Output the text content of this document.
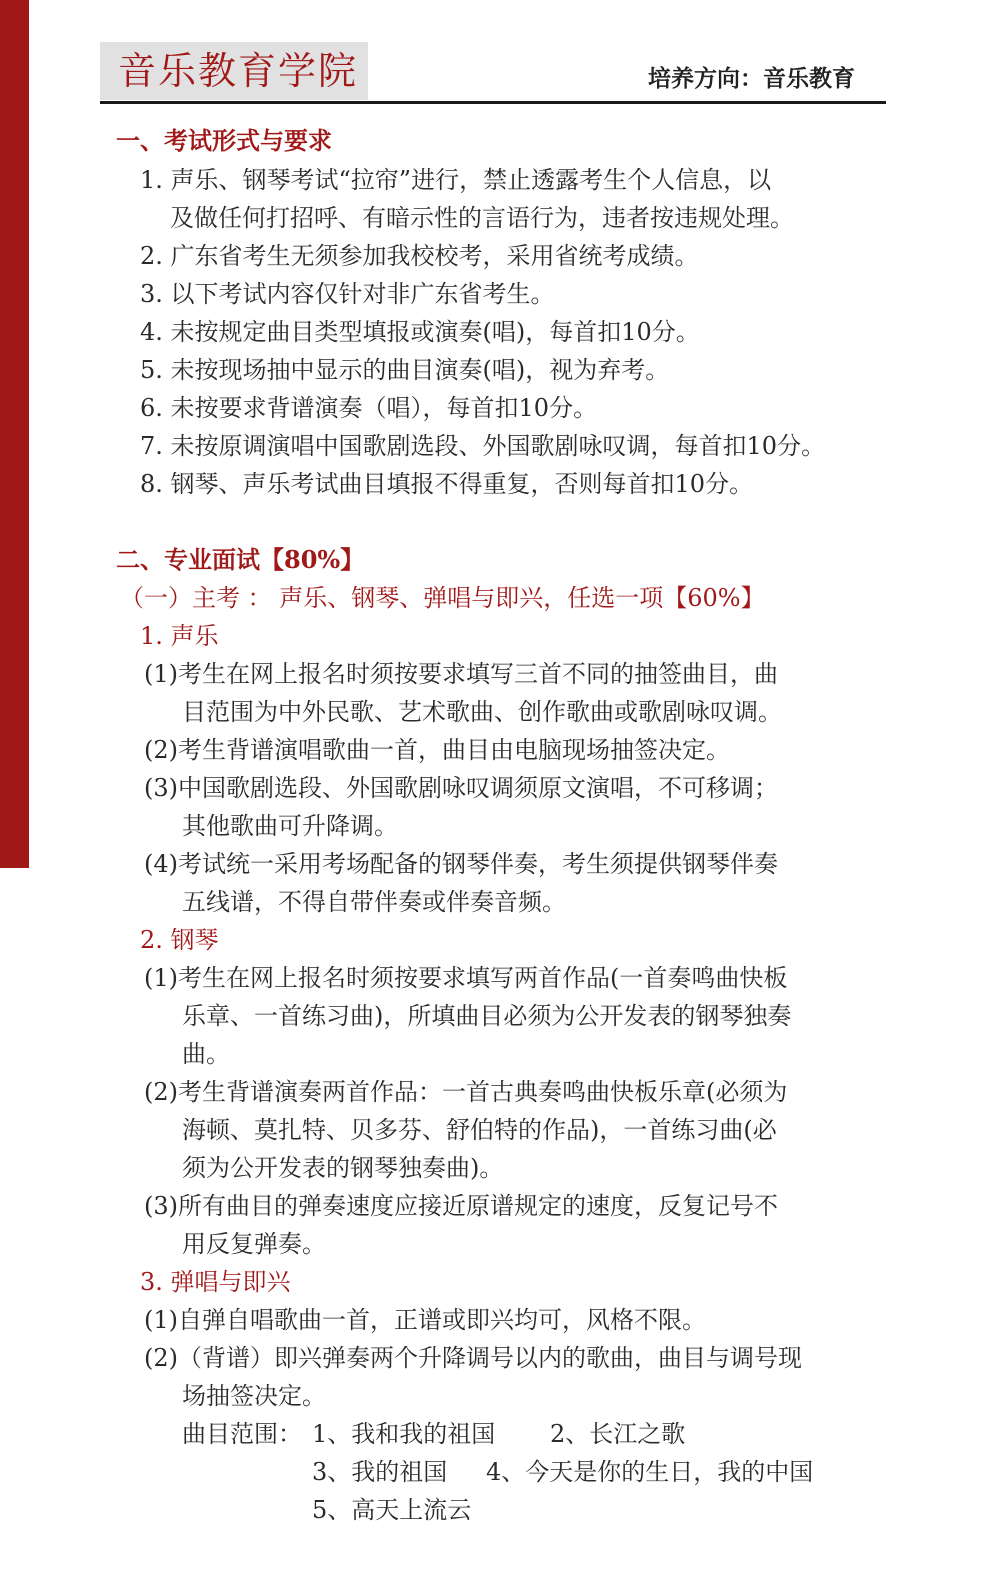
音乐教育学院	培养方向：音乐教育
一、考试形式与要求
1. 声乐、钢琴考试“拉帘”进行，禁止透露考生个人信息，以
及做任何打招呼、有暗示性的言语行为，违者按违规处理。
2. 广东省考生无须参加我校校考，采用省统考成绩。
3. 以下考试内容仅针对非广东省考生。
4. 未按规定曲目类型填报或演奏(唱)，每首扣10分。
5. 未按现场抽中显示的曲目演奏(唱)，视为弃考。
6. 未按要求背谱演奏（唱），每首扣10分。
7. 未按原调演唱中国歌剧选段、外国歌剧咏叹调，每首扣10分。
8. 钢琴、声乐考试曲目填报不得重复，否则每首扣10分。
二、专业面试【80%】
（一）主考 ： 声乐、钢琴、弹唱与即兴，任选一项【60%】
1. 声乐
(1)考生在网上报名时须按要求填写三首不同的抽签曲目，曲
目范围为中外民歌、艺术歌曲、创作歌曲或歌剧咏叹调。
(2)考生背谱演唱歌曲一首，曲目由电脑现场抽签决定。
(3)中国歌剧选段、外国歌剧咏叹调须原文演唱，不可移调；
其他歌曲可升降调。
(4)考试统一采用考场配备的钢琴伴奏，考生须提供钢琴伴奏
五线谱，不得自带伴奏或伴奏音频。
2. 钢琴
(1)考生在网上报名时须按要求填写两首作品(一首奏鸣曲快板
乐章、一首练习曲)，所填曲目必须为公开发表的钢琴独奏
曲。
(2)考生背谱演奏两首作品：一首古典奏鸣曲快板乐章(必须为
海顿、莫扎特、贝多芬、舒伯特的作品)，一首练习曲(必
须为公开发表的钢琴独奏曲)。
(3)所有曲目的弹奏速度应接近原谱规定的速度，反复记号不
用反复弹奏。
3. 弹唱与即兴
(1)自弹自唱歌曲一首，正谱或即兴均可，风格不限。
(2)（背谱）即兴弹奏两个升降调号以内的歌曲，曲目与调号现
场抽签决定。
曲目范围： 1、我和我的祖国 2、长江之歌
3、我的祖国 4、今天是你的生日，我的中国
5、高天上流云
